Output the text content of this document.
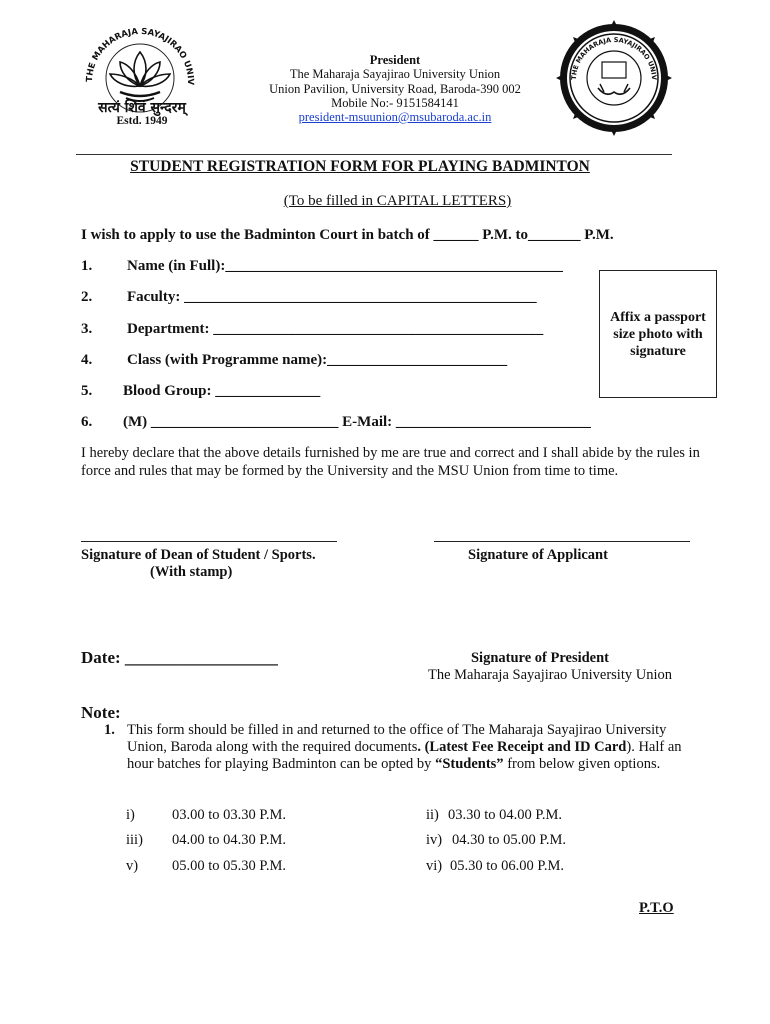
THE MAHARAJA SAYAJIRAO UNIV
सत्यं शिवं सुन्दरम्
Estd. 1949
President
The Maharaja Sayajirao University Union
Union Pavilion, University Road, Baroda-390 002
Mobile No:- 9151584141
president-msuunion@msubaroda.ac.in
THE MAHARAJA SAYAJIRAO UNIV
STUDENT REGISTRATION FORM FOR PLAYING BADMINTON
(To be filled in CAPITAL LETTERS)
I wish to apply to use the Badminton Court in batch of ______ P.M. to_______ P.M.
1. Name (in Full):_____________________________________________
2. Faculty: _______________________________________________
3. Department: ____________________________________________
4. Class (with Programme name):________________________
5. Blood Group: ______________
6. (M) _________________________ E-Mail: __________________________
Affix a passport size photo with signature
I hereby declare that the above details furnished by me are true and correct and I shall abide by the rules in force and rules that may be formed by the University and the MSU Union from time to time.
Signature of Dean of Student / Sports.
(With stamp)
Signature of Applicant
Date: __________________	Signature of President
The Maharaja Sayajirao University Union
Note:
1. This form should be filled in and returned to the office of The Maharaja Sayajirao University Union, Baroda along with the required documents. (Latest Fee Receipt and ID Card). Half an hour batches for playing Badminton can be opted by “Students” from below given options.
i)	03.00 to 03.30 P.M.	ii) 03.30 to 04.00 P.M.
iii) 04.00 to 04.30 P.M.	iv) 04.30 to 05.00 P.M.
v) 05.00 to 05.30 P.M.	vi) 05.30 to 06.00 P.M.
P.T.O
